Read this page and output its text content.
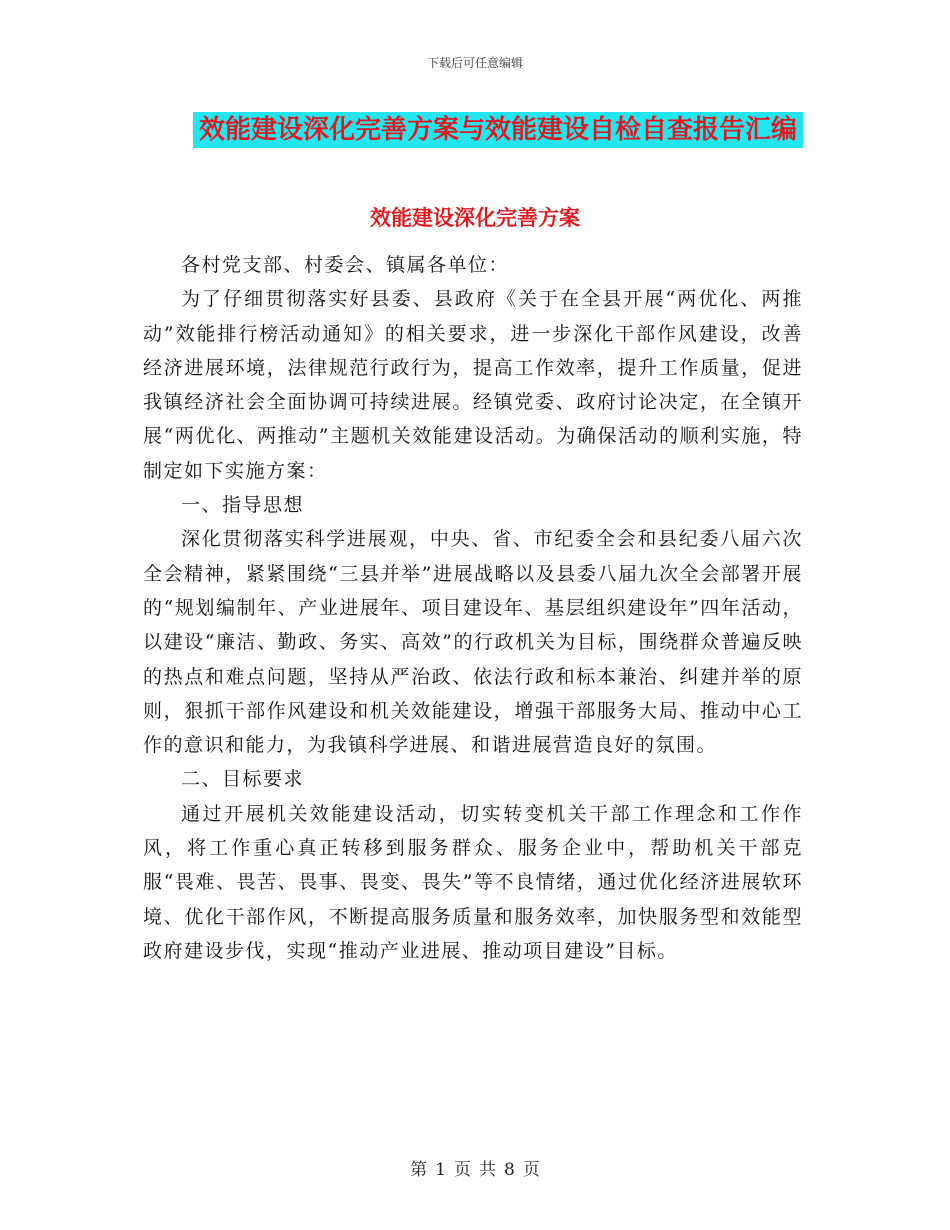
下载后可任意编辑
效能建设深化完善方案与效能建设自检自查报告汇编
效能建设深化完善方案

各村党支部、村委会、镇属各单位：

为了仔细贯彻落实好县委、县政府《关于在全县开展“两优化、两推动”效能排行榜活动通知》的相关要求，进一步深化干部作风建设，改善经济进展环境，法律规范行政行为，提高工作效率，提升工作质量，促进我镇经济社会全面协调可持续进展。经镇党委、政府讨论决定，在全镇开展“两优化、两推动”主题机关效能建设活动。为确保活动的顺利实施，特制定如下实施方案：

一、指导思想

深化贯彻落实科学进展观，中央、省、市纪委全会和县纪委八届六次全会精神，紧紧围绕“三县并举”进展战略以及县委八届九次全会部署开展的“规划编制年、产业进展年、项目建设年、基层组织建设年”四年活动，以建设“廉洁、勤政、务实、高效”的行政机关为目标，围绕群众普遍反映的热点和难点问题，坚持从严治政、依法行政和标本兼治、纠建并举的原则，狠抓干部作风建设和机关效能建设，增强干部服务大局、推动中心工作的意识和能力，为我镇科学进展、和谐进展营造良好的氛围。

二、目标要求

通过开展机关效能建设活动，切实转变机关干部工作理念和工作作风，将工作重心真正转移到服务群众、服务企业中，帮助机关干部克服“畏难、畏苦、畏事、畏变、畏失”等不良情绪，通过优化经济进展软环境、优化干部作风，不断提高服务质量和服务效率，加快服务型和效能型政府建设步伐，实现“推动产业进展、推动项目建设”目标。

第 1 页 共 8 页
